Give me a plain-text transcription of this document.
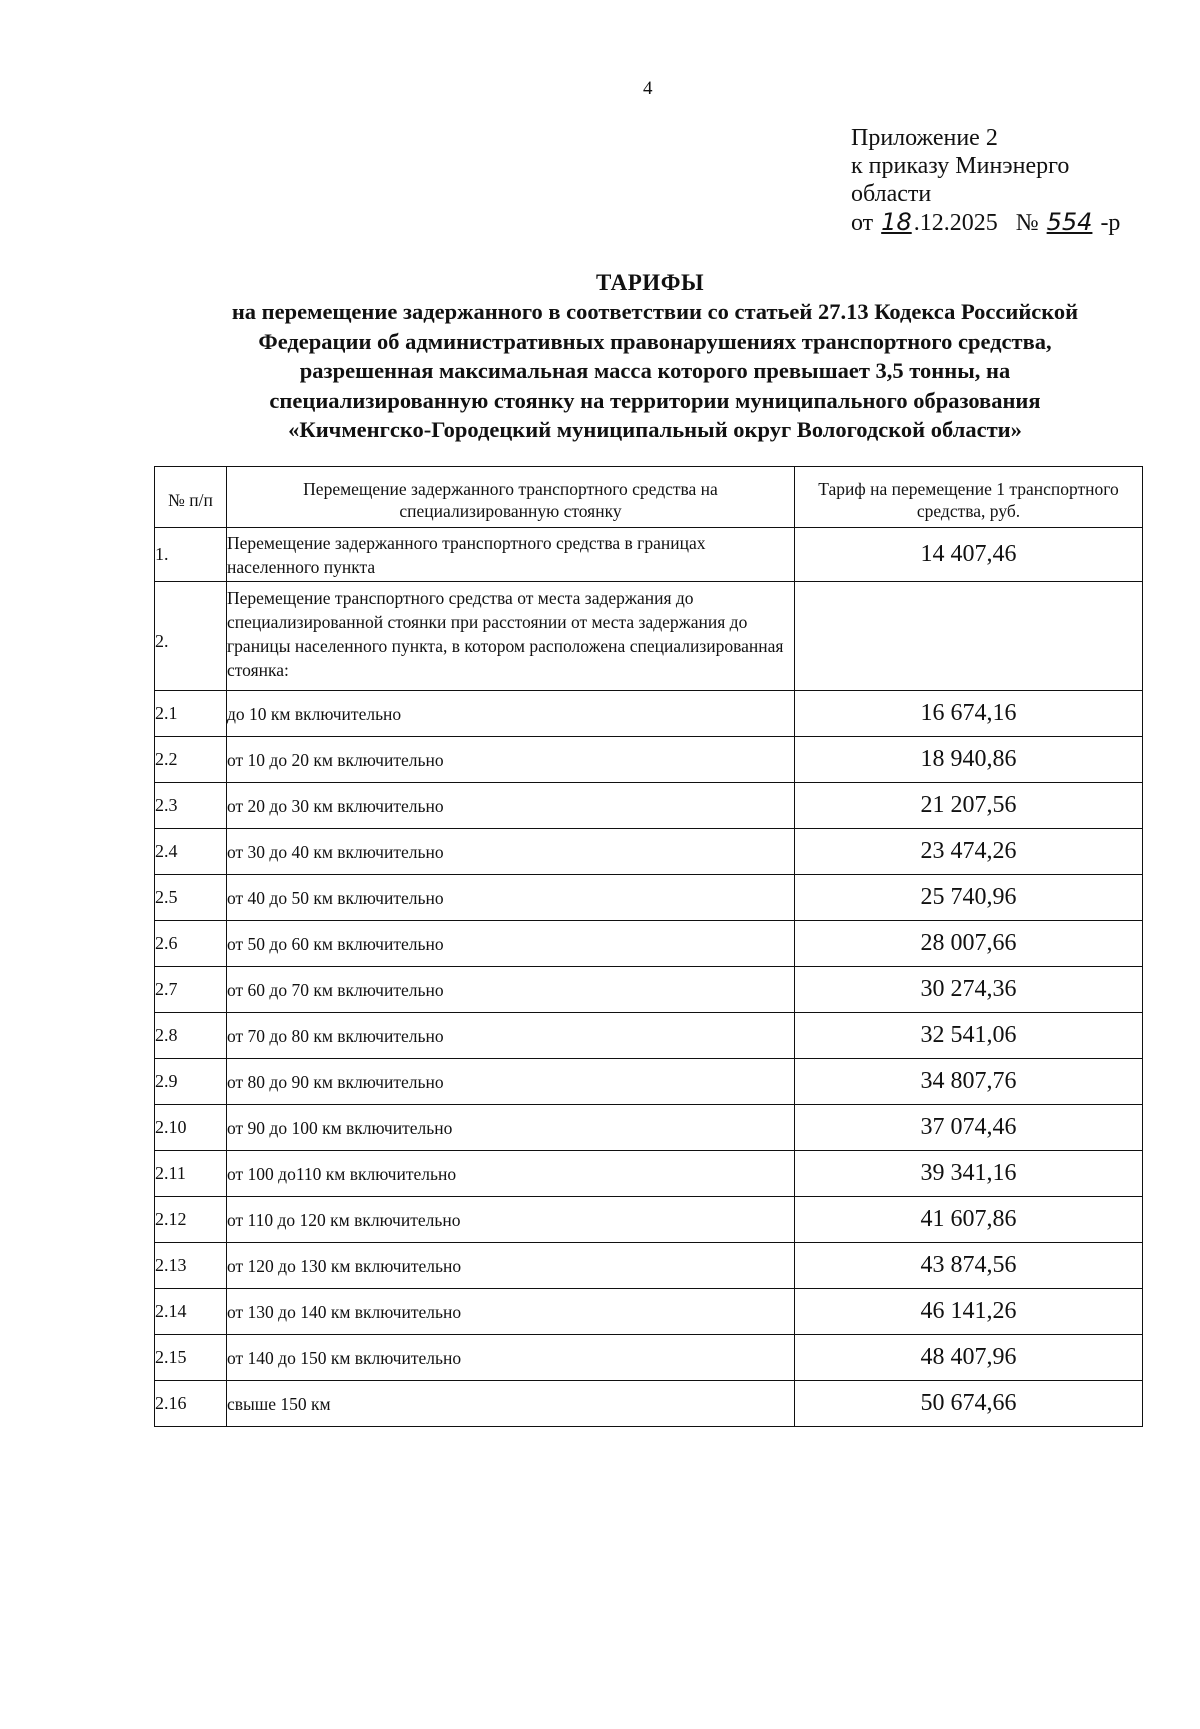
4
Приложение 2
к приказу Минэнерго
области
от 18.12.2025 № 554 -р
ТАРИФЫ
на перемещение задержанного в соответствии со статьей 27.13 Кодекса Российской
Федерации об административных правонарушениях транспортного средства,
разрешенная максимальная масса которого превышает 3,5 тонны, на
специализированную стоянку на территории муниципального образования
«Кичменгско-Городецкий муниципальный округ Вологодской области»
№ п/п	Перемещение задержанного транспортного средства на специализированную стоянку	Тариф на перемещение 1 транспортного средства, руб.
1.	Перемещение задержанного транспортного средства в границах населенного пункта	14 407,46
2.	Перемещение транспортного средства от места задержания до специализированной стоянки при расстоянии от места задержания до границы населенного пункта, в котором расположена специализированная стоянка:	
2.1	до 10 км включительно	16 674,16
2.2	от 10 до 20 км включительно	18 940,86
2.3	от 20 до 30 км включительно	21 207,56
2.4	от 30 до 40 км включительно	23 474,26
2.5	от 40 до 50 км включительно	25 740,96
2.6	от 50 до 60 км включительно	28 007,66
2.7	от 60 до 70 км включительно	30 274,36
2.8	от 70 до 80 км включительно	32 541,06
2.9	от 80 до 90 км включительно	34 807,76
2.10	от 90 до 100 км включительно	37 074,46
2.11	от 100 до110 км включительно	39 341,16
2.12	от 110 до 120 км включительно	41 607,86
2.13	от 120 до 130 км включительно	43 874,56
2.14	от 130 до 140 км включительно	46 141,26
2.15	от 140 до 150 км включительно	48 407,96
2.16	свыше 150 км	50 674,66
